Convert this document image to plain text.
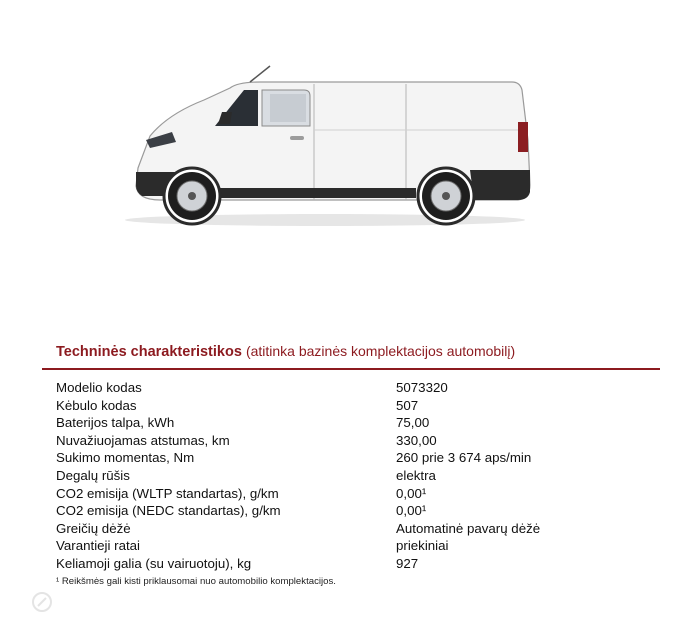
Techninės charakteristikos (atitinka bazinės komplektacijos automobilį)
Modelio kodas	5073320
Kėbulo kodas	507
Baterijos talpa, kWh	75,00
Nuvažiuojamas atstumas, km	330,00
Sukimo momentas, Nm	260 prie 3 674 aps/min
Degalų rūšis	elektra
CO2 emisija (WLTP standartas), g/km	0,00¹
CO2 emisija (NEDC standartas), g/km	0,00¹
Greičių dėžė	Automatinė pavarų dėžė
Varantieji ratai	priekiniai
Keliamoji galia (su vairuotoju), kg	927
¹ Reikšmės gali kisti priklausomai nuo automobilio komplektacijos.
